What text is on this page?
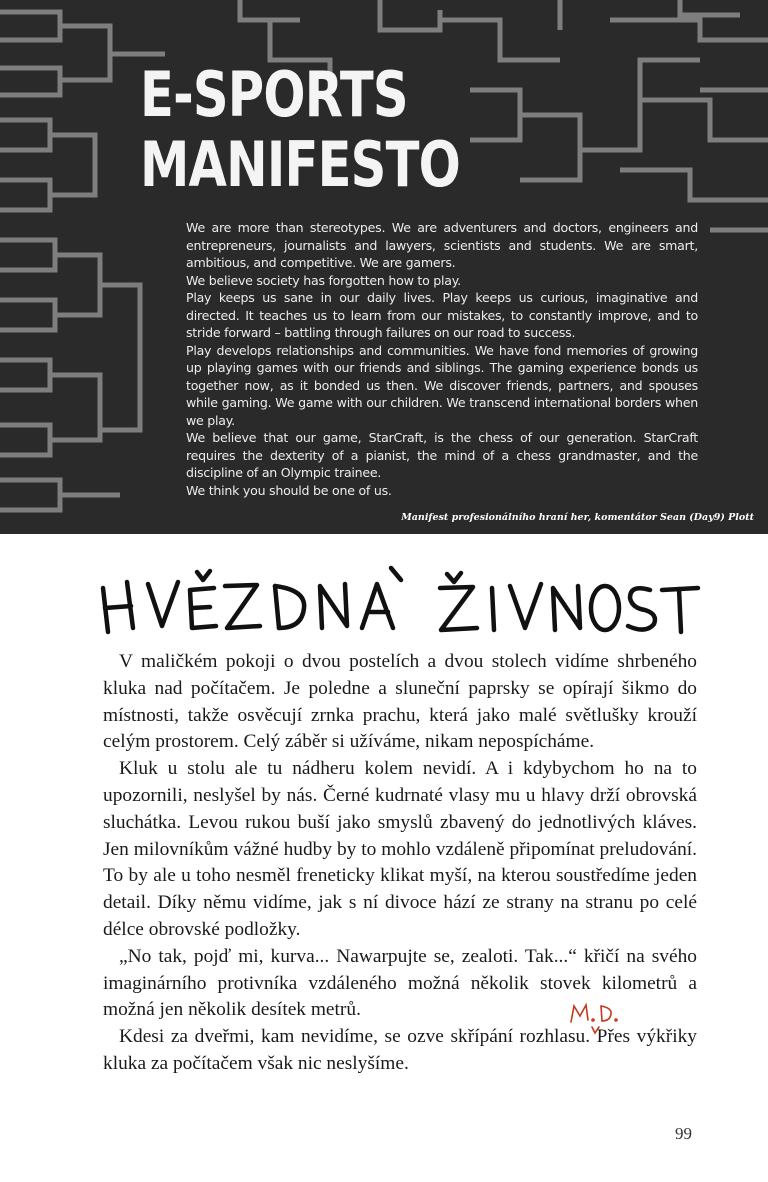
E-SPORTS
MANIFESTO

We are more than stereotypes. We are adventurers and doctors, engineers and entrepreneurs, journalists and lawyers, scientists and students. We are smart, ambitious, and competitive. We are gamers.

We believe society has forgotten how to play.

Play keeps us sane in our daily lives. Play keeps us curious, imaginative and directed. It teaches us to learn from our mistakes, to constantly improve, and to stride forward – battling through failures on our road to success.

Play develops relationships and communities. We have fond memories of growing up playing games with our friends and siblings. The gaming experience bonds us together now, as it bonded us then. We discover friends, partners, and spouses while gaming. We game with our children. We transcend international borders when we play.

We believe that our game, StarCraft, is the chess of our generation. StarCraft requires the dexterity of a pianist, the mind of a chess grandmaster, and the discipline of an Olympic trainee.

We think you should be one of us.

Manifest profesionálního hraní her, komentátor Sean (Day9) Plott

V maličkém pokoji o dvou postelích a dvou stolech vidíme shrbeného kluka nad počítačem. Je poledne a sluneční paprsky se opírají šikmo do místnosti, takže osvěcují zrnka prachu, která jako malé světlušky krouží celým prostorem. Celý záběr si užíváme, nikam nepospícháme.

Kluk u stolu ale tu nádheru kolem nevidí. A i kdybychom ho na to upozornili, neslyšel by nás. Černé kudrnaté vlasy mu u hlavy drží obrovská sluchátka. Levou rukou buší jako smyslů zbavený do jednotlivých kláves. Jen milovníkům vážné hudby by to mohlo vzdáleně připomínat preludování. To by ale u toho nesměl freneticky klikat myší, na kterou soustředíme jeden detail. Díky němu vidíme, jak s ní divoce hází ze strany na stranu po celé délce obrovské podložky.

„No tak, pojď mi, kurva... Nawarpujte se, zealoti. Tak...“ křičí na svého imaginárního protivníka vzdáleného možná několik stovek kilometrů a možná jen několik desítek metrů.

Kdesi za dveřmi, kam nevidíme, se ozve skřípání rozhlasu. Přes výkřiky kluka za počítačem však nic neslyšíme.

99
